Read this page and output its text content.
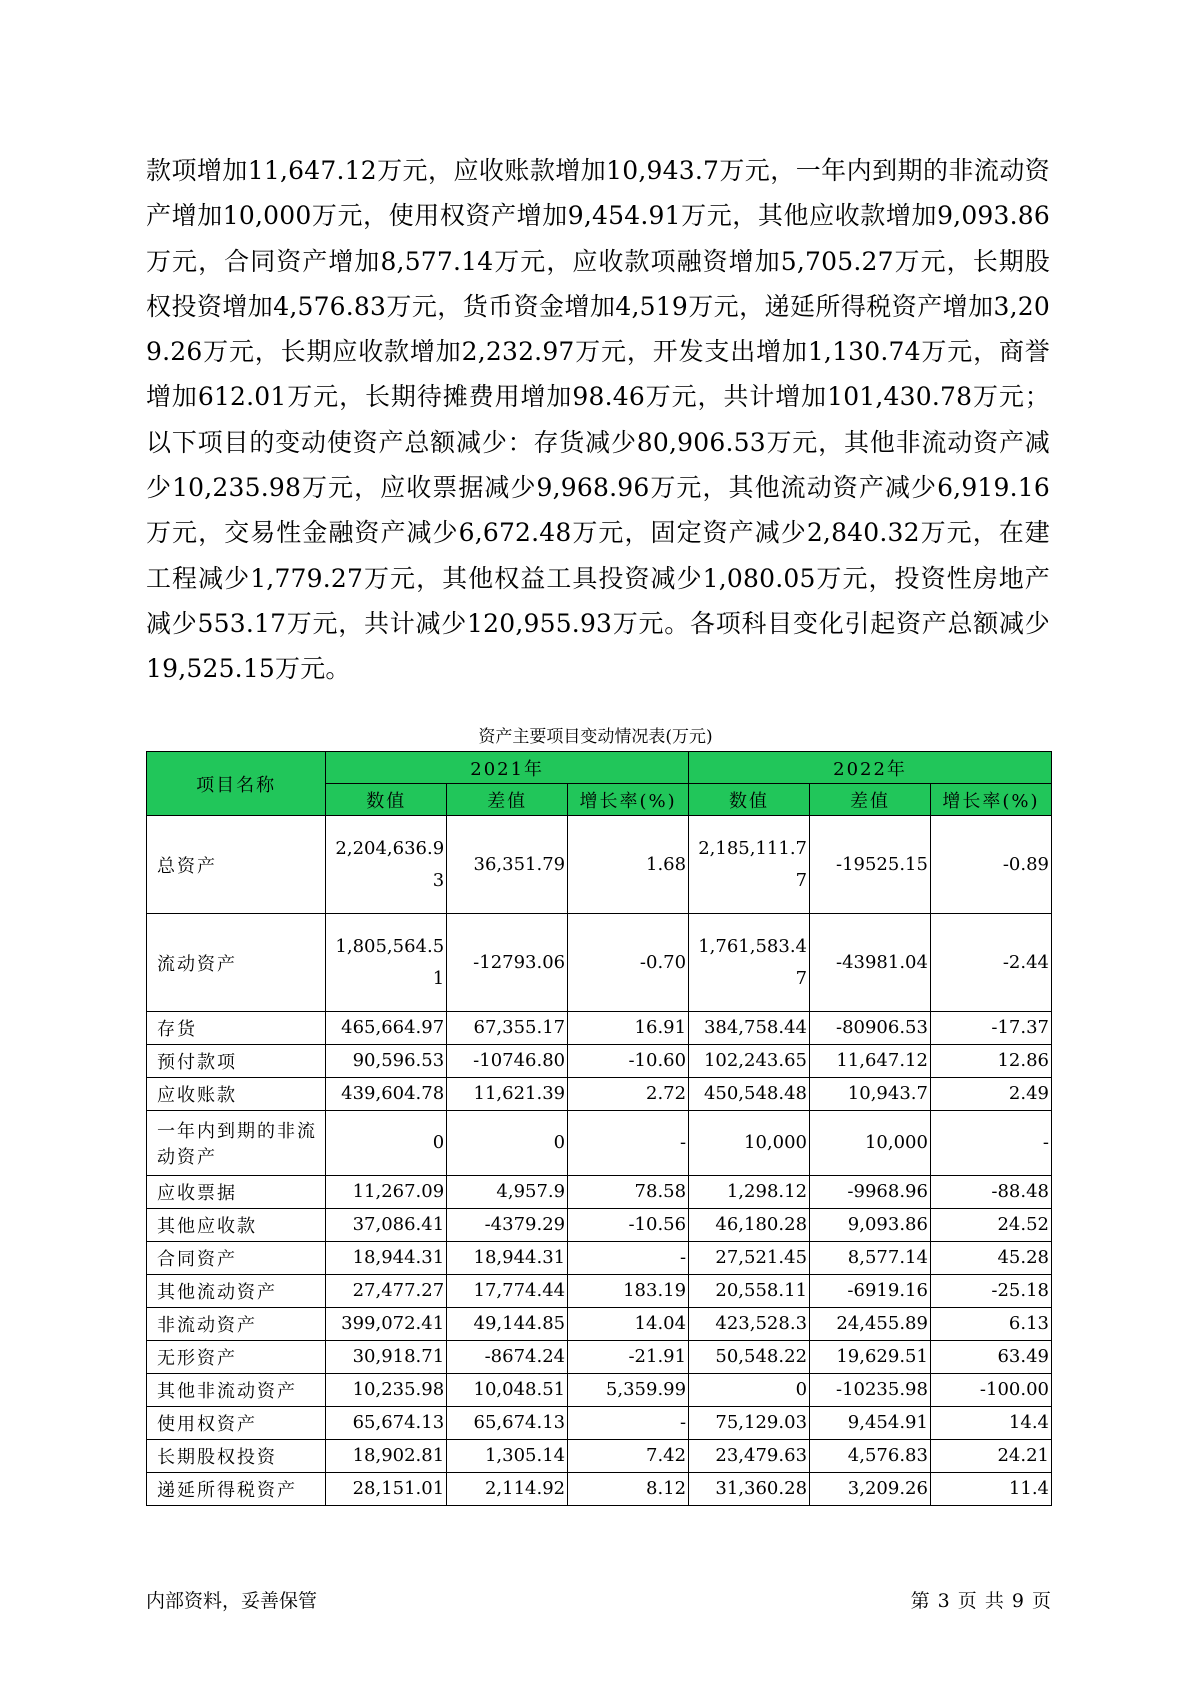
款项增加11,647.12万元，应收账款增加10,943.7万元，一年内到期的非流动资产增加10,000万元，使用权资产增加9,454.91万元，其他应收款增加9,093.86万元，合同资产增加8,577.14万元，应收款项融资增加5,705.27万元，长期股权投资增加4,576.83万元，货币资金增加4,519万元，递延所得税资产增加3,209.26万元，长期应收款增加2,232.97万元，开发支出增加1,130.74万元，商誉增加612.01万元，长期待摊费用增加98.46万元，共计增加101,430.78万元；以下项目的变动使资产总额减少：存货减少80,906.53万元，其他非流动资产减少10,235.98万元，应收票据减少9,968.96万元，其他流动资产减少6,919.16万元，交易性金融资产减少6,672.48万元，固定资产减少2,840.32万元，在建工程减少1,779.27万元，其他权益工具投资减少1,080.05万元，投资性房地产减少553.17万元，共计减少120,955.93万元。各项科目变化引起资产总额减少19,525.15万元。
资产主要项目变动情况表(万元)
项目名称	2021年			2022年		
	数值	差值	增长率(%)	数值	差值	增长率(%)
总资产	2,204,636.93	36,351.79	1.68	2,185,111.77	-19525.15	-0.89
流动资产	1,805,564.51	-12793.06	-0.70	1,761,583.47	-43981.04	-2.44
存货	465,664.97	67,355.17	16.91	384,758.44	-80906.53	-17.37
预付款项	90,596.53	-10746.80	-10.60	102,243.65	11,647.12	12.86
应收账款	439,604.78	11,621.39	2.72	450,548.48	10,943.7	2.49
一年内到期的非流动资产	0	0	-	10,000	10,000	-
应收票据	11,267.09	4,957.9	78.58	1,298.12	-9968.96	-88.48
其他应收款	37,086.41	-4379.29	-10.56	46,180.28	9,093.86	24.52
合同资产	18,944.31	18,944.31	-	27,521.45	8,577.14	45.28
其他流动资产	27,477.27	17,774.44	183.19	20,558.11	-6919.16	-25.18
非流动资产	399,072.41	49,144.85	14.04	423,528.3	24,455.89	6.13
无形资产	30,918.71	-8674.24	-21.91	50,548.22	19,629.51	63.49
其他非流动资产	10,235.98	10,048.51	5,359.99	0	-10235.98	-100.00
使用权资产	65,674.13	65,674.13	-	75,129.03	9,454.91	14.4
长期股权投资	18,902.81	1,305.14	7.42	23,479.63	4,576.83	24.21
递延所得税资产	28,151.01	2,114.92	8.12	31,360.28	3,209.26	11.4
内部资料，妥善保管	第 3 页 共 9 页
